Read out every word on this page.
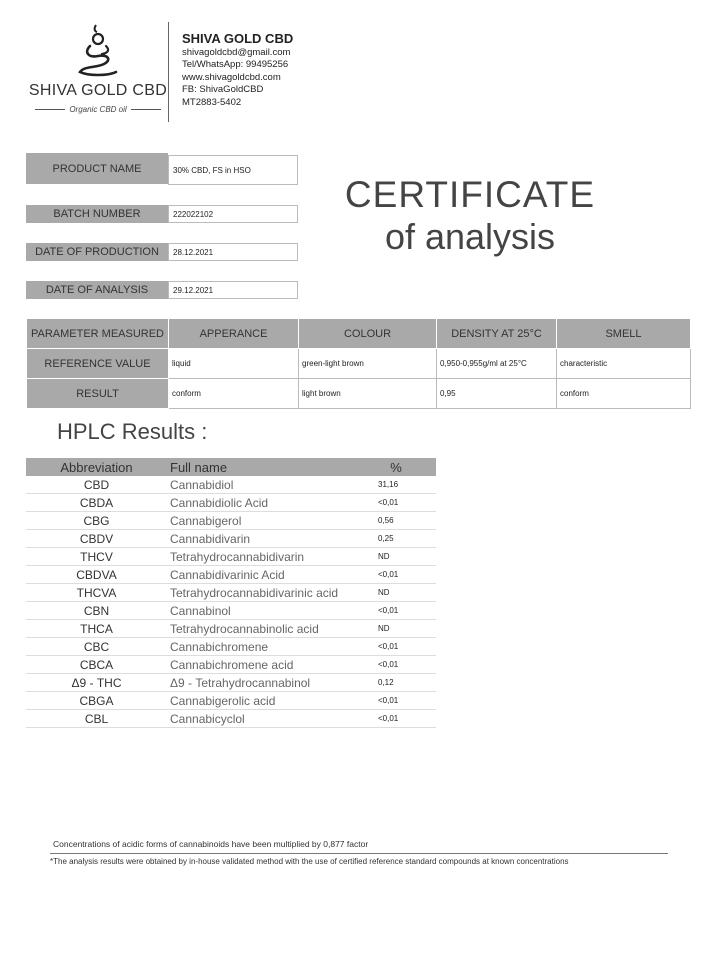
SHIVA GOLD CBD
Organic CBD oil
SHIVA GOLD CBD
shivagoldcbd@gmail.com
Tel/WhatsApp: 99495256
www.shivagoldcbd.com
FB: ShivaGoldCBD
MT2883-5402
PRODUCT NAME	30% CBD, FS in HSO
BATCH NUMBER	222022102
DATE OF PRODUCTION	28.12.2021
DATE OF ANALYSIS	29.12.2021
CERTIFICATE
of analysis
PARAMETER MEASURED	APPERANCE	COLOUR	DENSITY AT 25°C	SMELL
REFERENCE VALUE	liquid	green-light brown	0,950-0,955g/ml at 25°C	characteristic
RESULT	conform	light brown	0,95	conform
HPLC Results :
Abbreviation	Full name	%
CBD	Cannabidiol	31,16
CBDA	Cannabidiolic Acid	<0,01
CBG	Cannabigerol	0,56
CBDV	Cannabidivarin	0,25
THCV	Tetrahydrocannabidivarin	ND
CBDVA	Cannabidivarinic Acid	<0,01
THCVA	Tetrahydrocannabidivarinic acid	ND
CBN	Cannabinol	<0,01
THCA	Tetrahydrocannabinolic acid	ND
CBC	Cannabichromene	<0,01
CBCA	Cannabichromene acid	<0,01
Δ9 - THC	Δ9 - Tetrahydrocannabinol	0,12
CBGA	Cannabigerolic acid	<0,01
CBL	Cannabicyclol	<0,01
Concentrations of acidic forms of cannabinoids have been multiplied by 0,877 factor
*The analysis results were obtained by in-house validated method with the use of certified reference standard compounds at known concentrations
